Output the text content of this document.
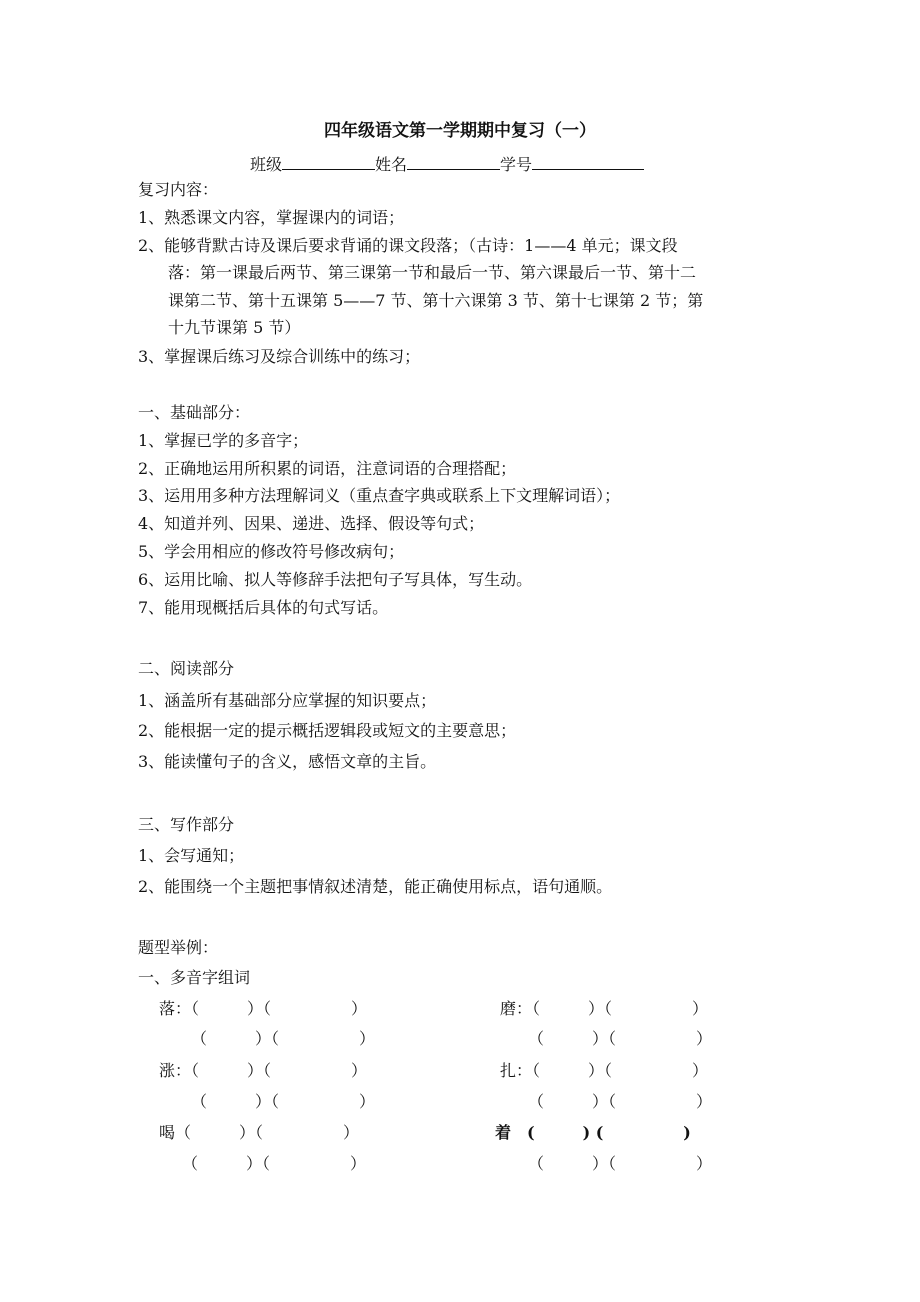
四年级语文第一学期期中复习（一）
班级	姓名	学号
复习内容：
1、熟悉课文内容，掌握课内的词语；
2、能够背默古诗及课后要求背诵的课文段落；（古诗：1——4 单元；课文段
落：第一课最后两节、第三课第一节和最后一节、第六课最后一节、第十二
课第二节、第十五课第 5——7 节、第十六课第 3 节、第十七课第 2 节；第
十九节课第 5 节）
3、掌握课后练习及综合训练中的练习；
一、基础部分：
1、掌握已学的多音字；
2、正确地运用所积累的词语，注意词语的合理搭配；
3、运用用多种方法理解词义（重点查字典或联系上下文理解词语）；
4、知道并列、因果、递进、选择、假设等句式；
5、学会用相应的修改符号修改病句；
6、运用比喻、拟人等修辞手法把句子写具体，写生动。
7、能用现概括后具体的句式写话。
二、阅读部分
1、涵盖所有基础部分应掌握的知识要点；
2、能根据一定的提示概括逻辑段或短文的主要意思；
3、能读懂句子的含义，感悟文章的主旨。
三、写作部分
1、会写通知；
2、能围绕一个主题把事情叙述清楚，能正确使用标点，语句通顺。
题型举例：
一、多音字组词
落：（　　　）（　　　　　）
（　　　）（　　　　　）
涨：（　　　）（　　　　　）
（　　　）（　　　　　）
喝（　　　）（　　　　　）
（　　　）（　　　　　）
磨：（　　　）（　　　　　）
（　　　）（　　　　　）
扎：（　　　）（　　　　　）
（　　　）（　　　　　）
着　(　　　) (　　　　　)
（　　　）（　　　　　）
